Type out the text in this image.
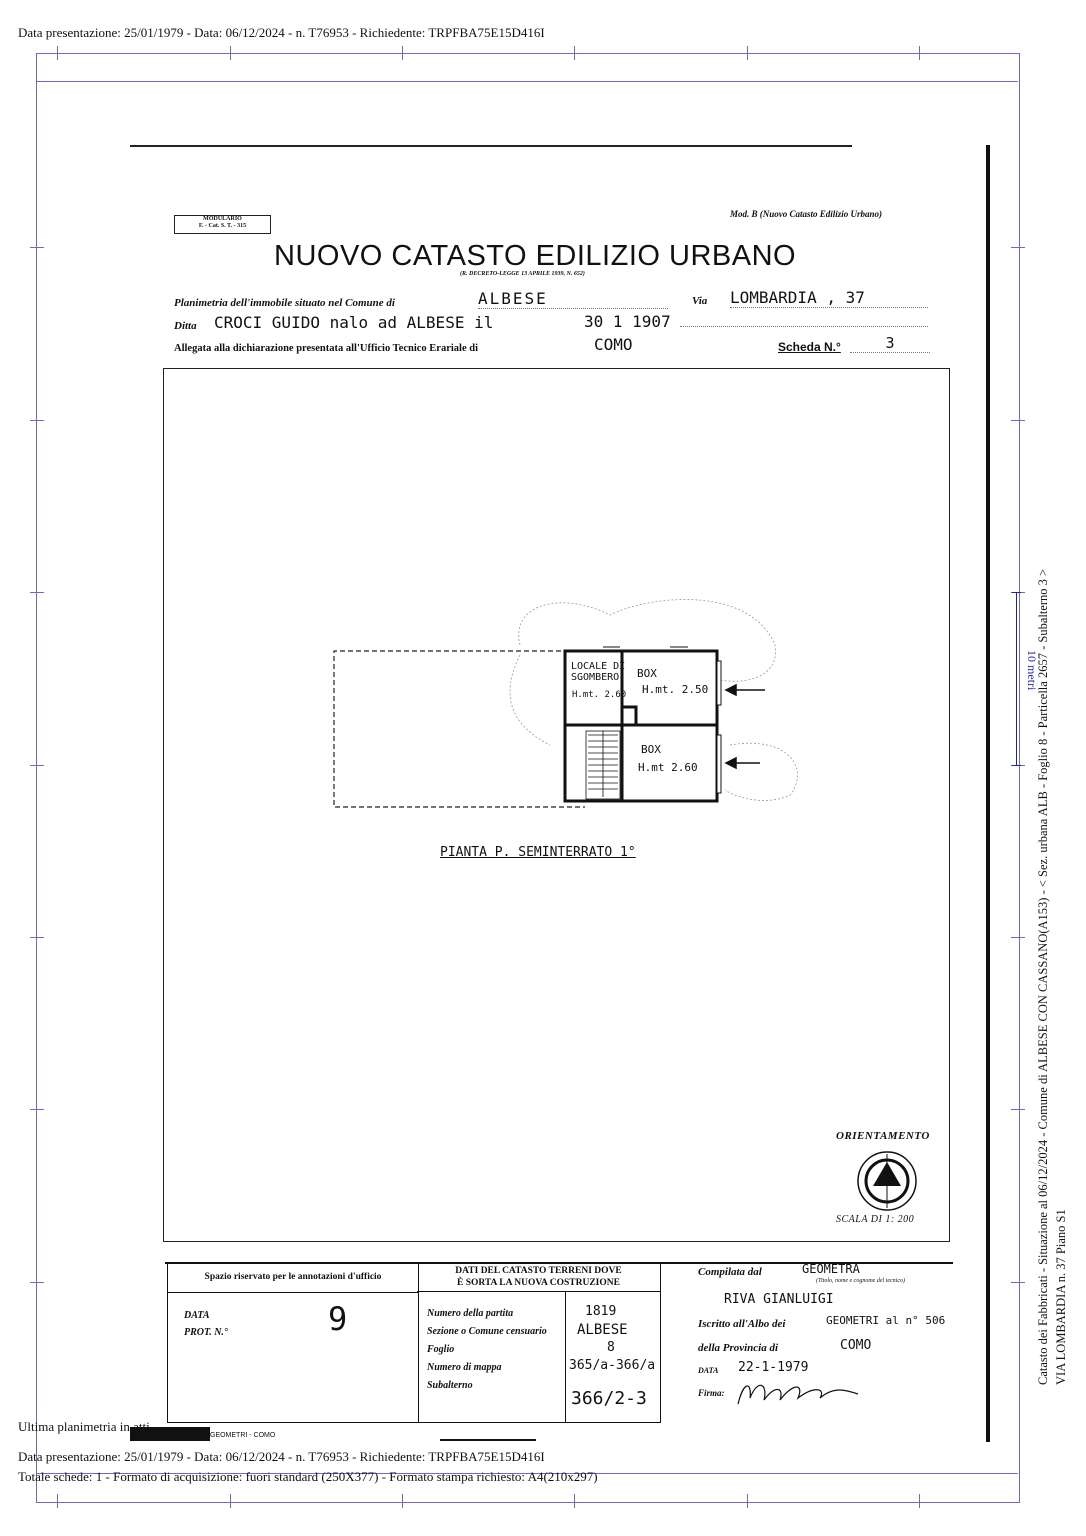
Data presentazione: 25/01/1979 - Data: 06/12/2024 - n. T76953 - Richiedente: TRPFBA75E15D416I
MODULARIO
F. - Cat. S. T. - 315
Mod. B (Nuovo Catasto Edilizio Urbano)
NUOVO CATASTO EDILIZIO URBANO
(R. DECRETO-LEGGE 13 APRILE 1939, N. 652)
Planimetria dell'immobile situato nel Comune di	ALBESE	Via LOMBARDIA , 37
Ditta CROCI GUIDO nalo ad ALBESE il	30 1 1907
Allegata alla dichiarazione presentata all'Ufficio Tecnico Erariale di	COMO	Scheda N.°	3
LOCALE DI
SGOMBERO
H.mt. 2.60
BOX
H.mt. 2.50
BOX
H.mt 2.60
PIANTA P. SEMINTERRATO 1°
ORIENTAMENTO
SCALA DI 1: 200
Spazio riservato per le annotazioni d'ufficio
DATA
PROT. N.°	9
DATI DEL CATASTO TERRENI DOVE
È SORTA LA NUOVA COSTRUZIONE
Numero della partita	1819
Sezione o Comune censuario ALBESE
Foglio	8
Numero di mappa	365/a-366/a
Subalterno
366/2-3
Compilata dal	GEOMETRA
(Titolo, nome e cognome del tecnico)
RIVA GIANLUIGI
Iscritto all'Albo dei	GEOMETRI al n° 506
della Provincia di	COMO
DATA 22-1-1979
Firma:
GEOMETRI - COMO
Ultima planimetria in atti
Data presentazione: 25/01/1979 - Data: 06/12/2024 - n. T76953 - Richiedente: TRPFBA75E15D416I
Totale schede: 1 - Formato di acquisizione: fuori standard (250X377) - Formato stampa richiesto: A4(210x297)
Catasto dei Fabbricati - Situazione al 06/12/2024 - Comune di ALBESE CON CASSANO(A153) - < Sez. urbana ALB - Foglio 8 - Particella 2657 - Subalterno 3 > VIA LOMBARDIA n. 37 Piano S1
10 metri
